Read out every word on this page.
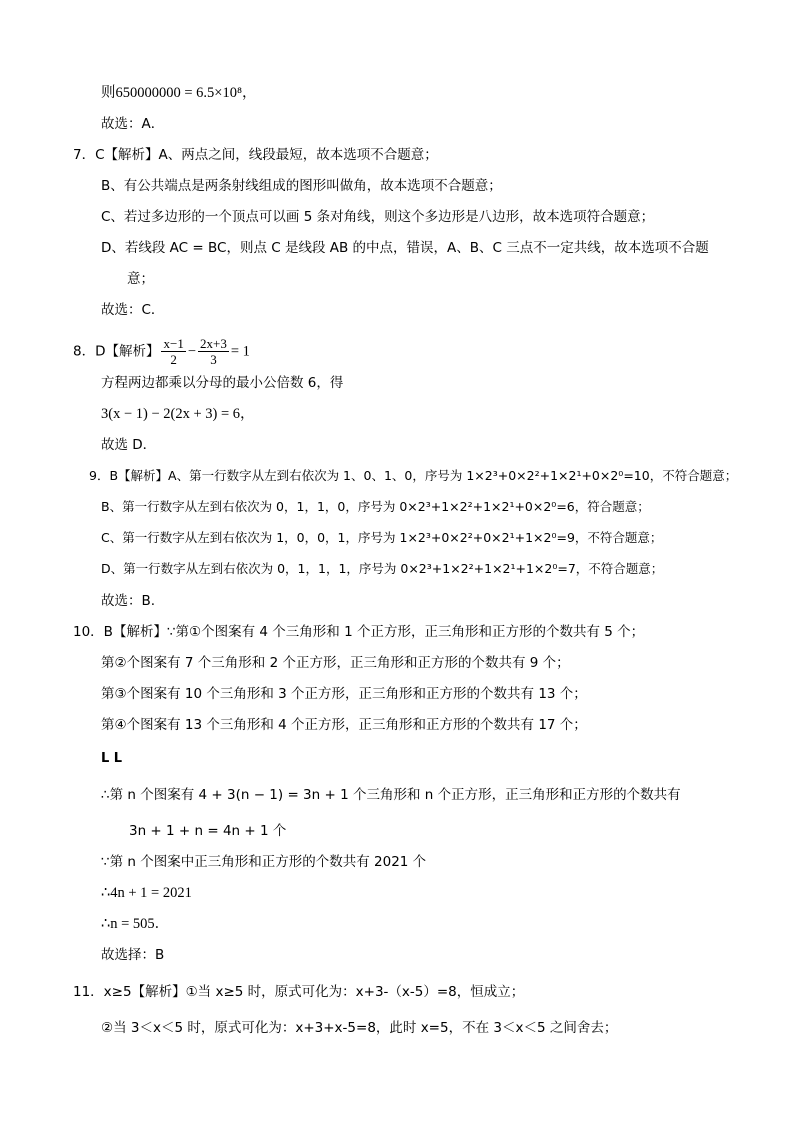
则650000000 = 6.5×10⁸，
故选：A．
7．C【解析】A、两点之间，线段最短，故本选项不合题意；
B、有公共端点是两条射线组成的图形叫做角，故本选项不合题意；
C、若过多边形的一个顶点可以画 5 条对角线，则这个多边形是八边形，故本选项符合题意；
D、若线段 AC = BC，则点 C 是线段 AB 的中点，错误，A、B、C 三点不一定共线，故本选项不合题
意；
故选：C．
8．D【解析】 $\frac{x-1}{2} - \frac{2x+3}{3} = 1$
方程两边都乘以分母的最小公倍数 6，得
3(x − 1) − 2(2x + 3) = 6，
故选 D．
9．B【解析】A、第一行数字从左到右依次为 1、0、1、0，序号为 1×2³+0×2²+1×2¹+0×2⁰=10，不符合题意；
B、第一行数字从左到右依次为 0，1，1，0，序号为 0×2³+1×2²+1×2¹+0×2⁰=6，符合题意；
C、第一行数字从左到右依次为 1，0，0，1，序号为 1×2³+0×2²+0×2¹+1×2⁰=9，不符合题意；
D、第一行数字从左到右依次为 0，1，1，1，序号为 0×2³+1×2²+1×2¹+1×2⁰=7，不符合题意；
故选：B.
10．B【解析】∵第①个图案有 4 个三角形和 1 个正方形，正三角形和正方形的个数共有 5 个；
第②个图案有 7 个三角形和 2 个正方形，正三角形和正方形的个数共有 9 个；
第③个图案有 10 个三角形和 3 个正方形，正三角形和正方形的个数共有 13 个；
第④个图案有 13 个三角形和 4 个正方形，正三角形和正方形的个数共有 17 个；
L L
∴第 n 个图案有 4 + 3(n − 1) = 3n + 1 个三角形和 n 个正方形，正三角形和正方形的个数共有
3n + 1 + n = 4n + 1 个
∵第 n 个图案中正三角形和正方形的个数共有 2021 个
∴4n + 1 = 2021
∴n = 505．
故选择：B
11．x≥5【解析】①当 x≥5 时，原式可化为：x+3-（x-5）=8，恒成立；
②当 3＜x＜5 时，原式可化为：x+3+x-5=8，此时 x=5，不在 3＜x＜5 之间舍去；
